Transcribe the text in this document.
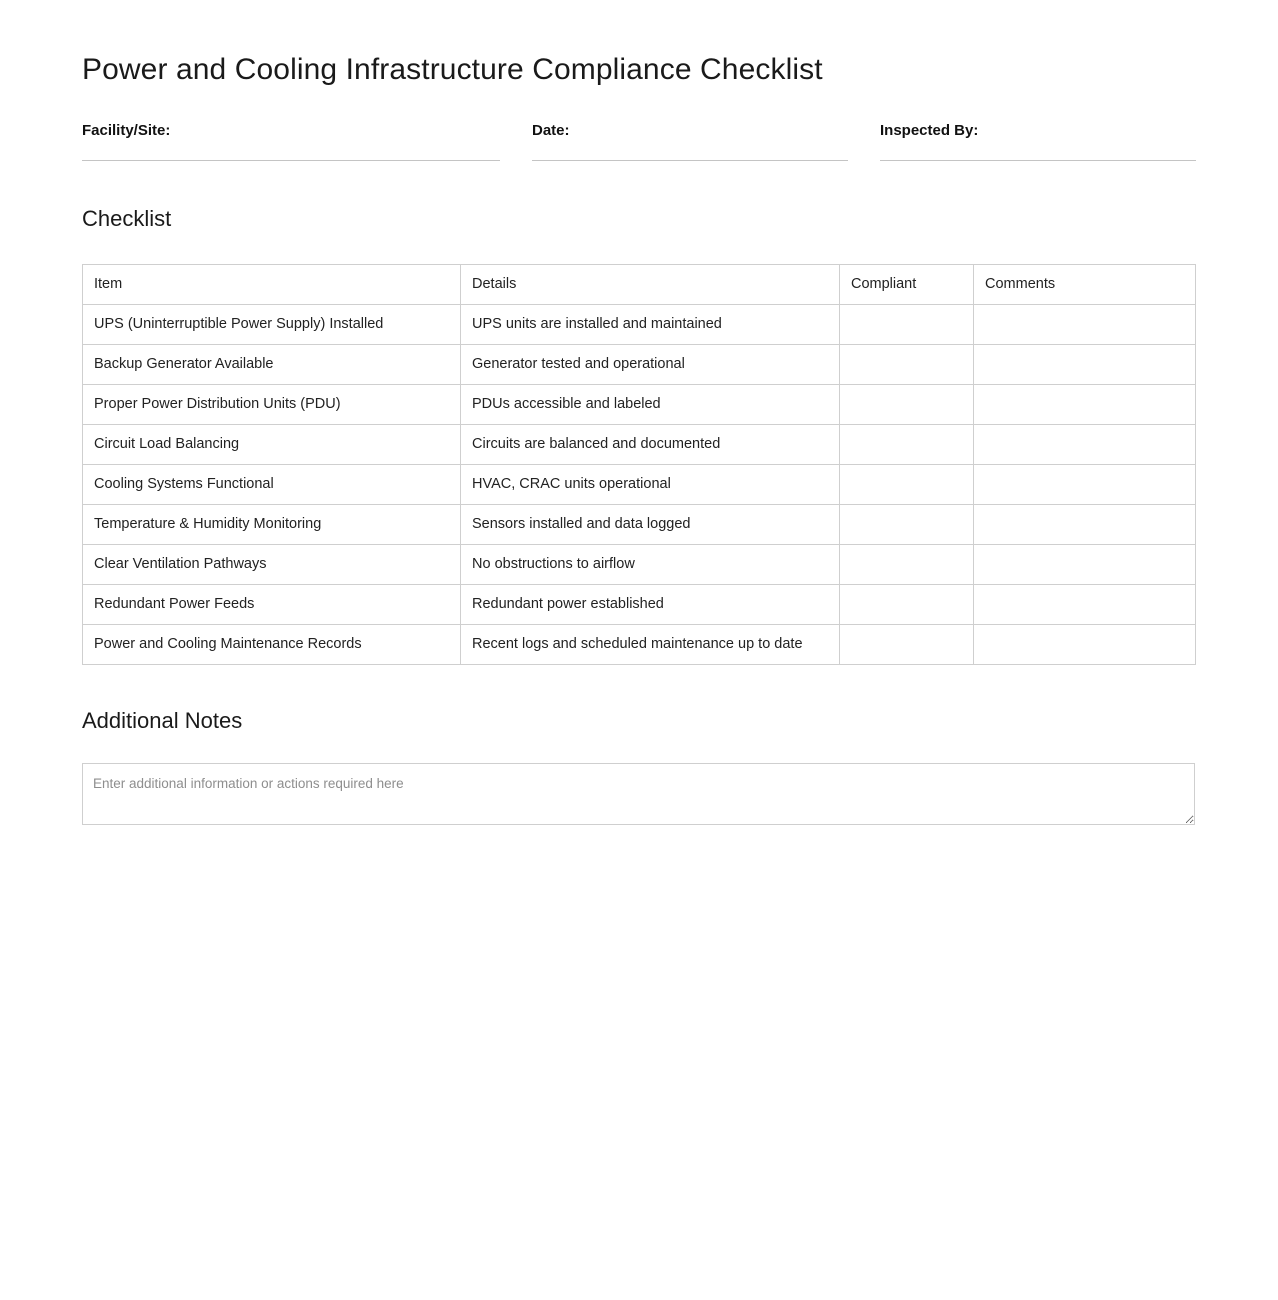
Power and Cooling Infrastructure Compliance Checklist
Facility/Site:	Date:	Inspected By:
Checklist
Item	Details	Compliant	Comments
UPS (Uninterruptible Power Supply) Installed	UPS units are installed and maintained		
Backup Generator Available	Generator tested and operational		
Proper Power Distribution Units (PDU)	PDUs accessible and labeled		
Circuit Load Balancing	Circuits are balanced and documented		
Cooling Systems Functional	HVAC, CRAC units operational		
Temperature & Humidity Monitoring	Sensors installed and data logged		
Clear Ventilation Pathways	No obstructions to airflow		
Redundant Power Feeds	Redundant power established		
Power and Cooling Maintenance Records	Recent logs and scheduled maintenance up to date		
Additional Notes
Enter additional information or actions required here
